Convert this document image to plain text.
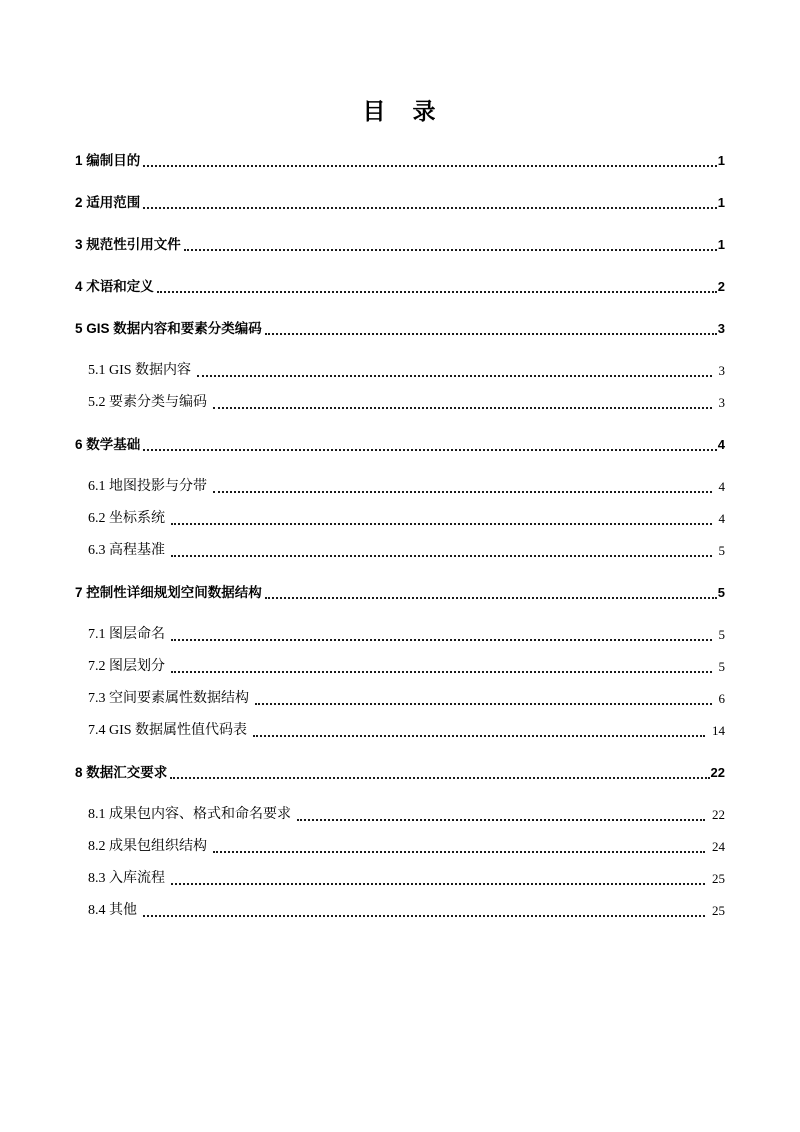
目　录
1 编制目的	1
2 适用范围	1
3 规范性引用文件	1
4 术语和定义	2
5 GIS 数据内容和要素分类编码	3
5.1 GIS 数据内容	3
5.2 要素分类与编码	3
6 数学基础	4
6.1 地图投影与分带	4
6.2 坐标系统	4
6.3 高程基准	5
7 控制性详细规划空间数据结构	5
7.1 图层命名	5
7.2 图层划分	5
7.3 空间要素属性数据结构	6
7.4 GIS 数据属性值代码表	14
8 数据汇交要求	22
8.1 成果包内容、格式和命名要求	22
8.2 成果包组织结构	24
8.3 入库流程	25
8.4 其他	25
